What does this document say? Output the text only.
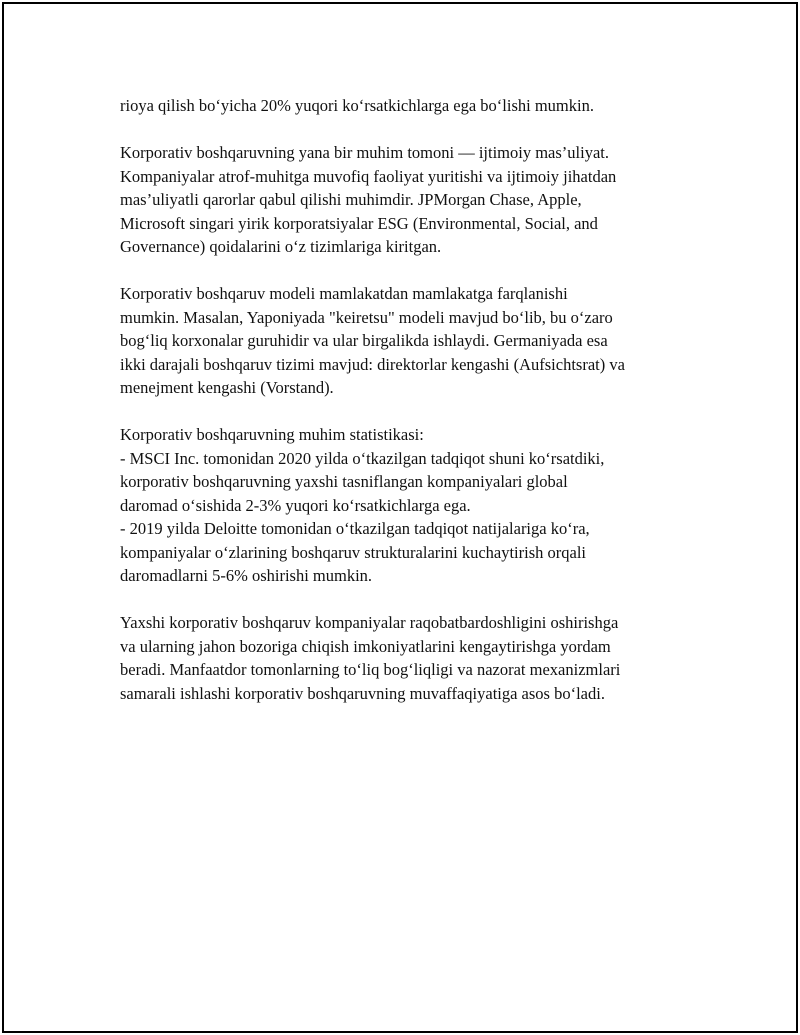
rioya qilish bo‘yicha 20% yuqori ko‘rsatkichlarga ega bo‘lishi mumkin.

Korporativ boshqaruvning yana bir muhim tomoni — ijtimoiy mas’uliyat.
Kompaniyalar atrof-muhitga muvofiq faoliyat yuritishi va ijtimoiy jihatdan
mas’uliyatli qarorlar qabul qilishi muhimdir. JPMorgan Chase, Apple,
Microsoft singari yirik korporatsiyalar ESG (Environmental, Social, and
Governance) qoidalarini o‘z tizimlariga kiritgan.

Korporativ boshqaruv modeli mamlakatdan mamlakatga farqlanishi
mumkin. Masalan, Yaponiyada "keiretsu" modeli mavjud bo‘lib, bu o‘zaro
bog‘liq korxonalar guruhidir va ular birgalikda ishlaydi. Germaniyada esa
ikki darajali boshqaruv tizimi mavjud: direktorlar kengashi (Aufsichtsrat) va
menejment kengashi (Vorstand).

Korporativ boshqaruvning muhim statistikasi:
- MSCI Inc. tomonidan 2020 yilda o‘tkazilgan tadqiqot shuni ko‘rsatdiki,
korporativ boshqaruvning yaxshi tasniflangan kompaniyalari global
daromad o‘sishida 2-3% yuqori ko‘rsatkichlarga ega.
- 2019 yilda Deloitte tomonidan o‘tkazilgan tadqiqot natijalariga ko‘ra,
kompaniyalar o‘zlarining boshqaruv strukturalarini kuchaytirish orqali
daromadlarni 5-6% oshirishi mumkin.

Yaxshi korporativ boshqaruv kompaniyalar raqobatbardoshligini oshirishga
va ularning jahon bozoriga chiqish imkoniyatlarini kengaytirishga yordam
beradi. Manfaatdor tomonlarning to‘liq bog‘liqligi va nazorat mexanizmlari
samarali ishlashi korporativ boshqaruvning muvaffaqiyatiga asos bo‘ladi.
